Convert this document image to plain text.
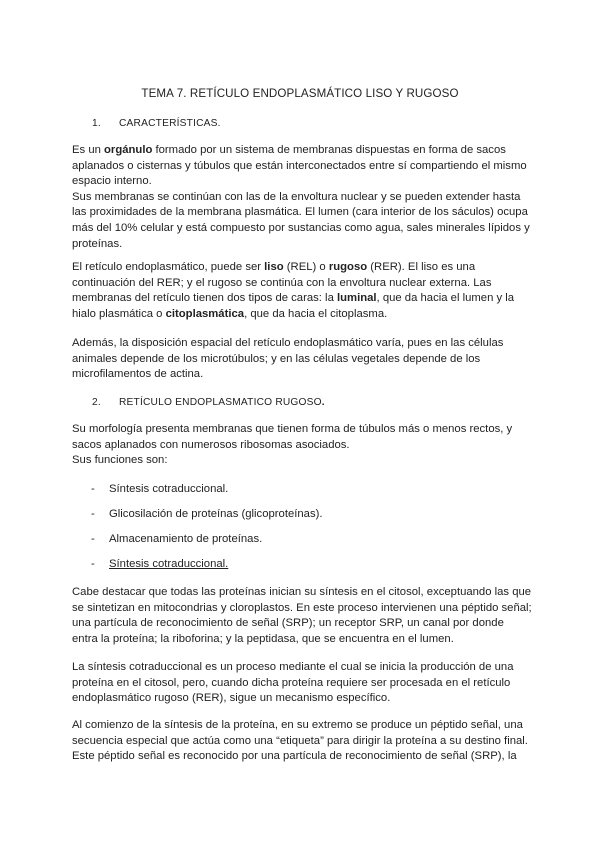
TEMA 7. RETÍCULO ENDOPLASMÁTICO LISO Y RUGOSO
1. CARACTERÍSTICAS.

Es un orgánulo formado por un sistema de membranas dispuestas en forma de sacos aplanados o cisternas y túbulos que están interconectados entre sí compartiendo el mismo espacio interno.
Sus membranas se continúan con las de la envoltura nuclear y se pueden extender hasta las proximidades de la membrana plasmática. El lumen (cara interior de los sáculos) ocupa más del 10% celular y está compuesto por sustancias como agua, sales minerales lípidos y proteínas.

El retículo endoplasmático, puede ser liso (REL) o rugoso (RER). El liso es una continuación del RER; y el rugoso se continúa con la envoltura nuclear externa. Las membranas del retículo tienen dos tipos de caras: la luminal, que da hacia el lumen y la hialo plasmática o citoplasmática, que da hacia el citoplasma.

Además, la disposición espacial del retículo endoplasmático varía, pues en las células animales depende de los microtúbulos; y en las células vegetales depende de los microfilamentos de actina.

2. RETÍCULO ENDOPLASMATICO RUGOSO.

Su morfología presenta membranas que tienen forma de túbulos más o menos rectos, y sacos aplanados con numerosos ribosomas asociados.
Sus funciones son:

- Síntesis cotraduccional.
- Glicosilación de proteínas (glicoproteínas).
- Almacenamiento de proteínas.
- Síntesis cotraduccional.

Cabe destacar que todas las proteínas inician su síntesis en el citosol, exceptuando las que se sintetizan en mitocondrias y cloroplastos. En este proceso intervienen una péptido señal; una partícula de reconocimiento de señal (SRP); un receptor SRP, un canal por donde entra la proteína; la riboforina; y la peptidasa, que se encuentra en el lumen.

La síntesis cotraduccional es un proceso mediante el cual se inicia la producción de una proteína en el citosol, pero, cuando dicha proteína requiere ser procesada en el retículo endoplasmático rugoso (RER), sigue un mecanismo específico.

Al comienzo de la síntesis de la proteína, en su extremo se produce un péptido señal, una secuencia especial que actúa como una “etiqueta” para dirigir la proteína a su destino final. Este péptido señal es reconocido por una partícula de reconocimiento de señal (SRP), la
